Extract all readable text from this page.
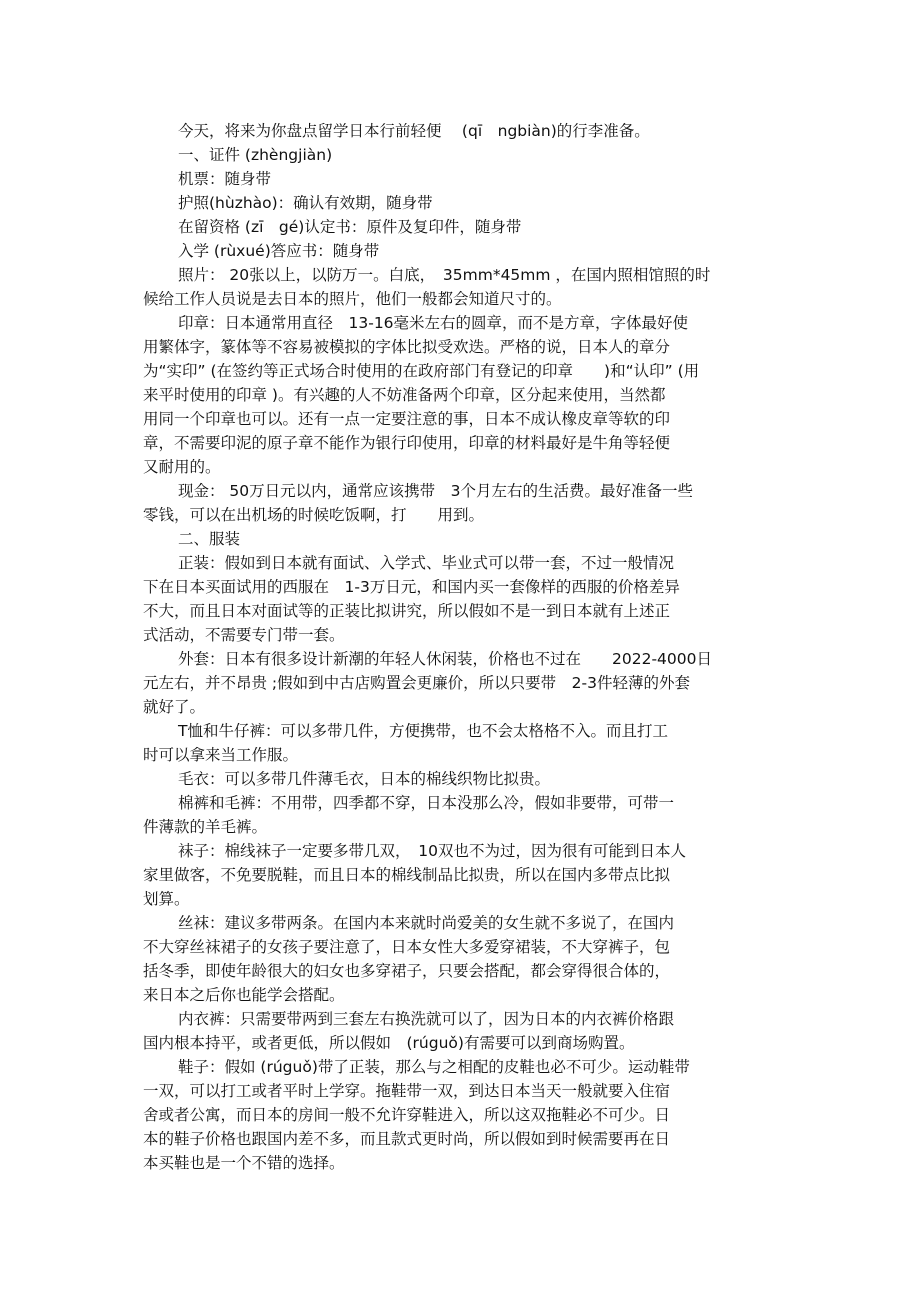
今天，将来为你盘点留学日本行前轻便 　(qī　ngbiàn)的行李准备。
一、证件 (zhèngjiàn)
机票：随身带
护照(hùzhào)：确认有效期，随身带
在留资格 (zī　gé)认定书：原件及复印件，随身带
入学 (rùxué)答应书：随身带
照片： 20张以上，以防万一。白底，　35mm*45mm ，在国内照相馆照的时
候给工作人员说是去日本的照片，他们一般都会知道尺寸的。
印章：日本通常用直径　13-16毫米左右的圆章，而不是方章，字体最好使
用繁体字，篆体等不容易被模拟的字体比拟受欢迭。严格的说，日本人的章分
为“实印” (在签约等正式场合时使用的在政府部门有登记的印章　　)和“认印” (用
来平时使用的印章 )。有兴趣的人不妨准备两个印章，区分起来使用，当然都
用同一个印章也可以。还有一点一定要注意的事，日本不成认橡皮章等软的印
章，不需要印泥的原子章不能作为银行印使用，印章的材料最好是牛角等轻便
又耐用的。
现金： 50万日元以内，通常应该携带　3个月左右的生活费。最好准备一些
零钱，可以在出机场的时候吃饭啊，打　　用到。
二、服装
正装：假如到日本就有面试、入学式、毕业式可以带一套，不过一般情况
下在日本买面试用的西服在　1-3万日元，和国内买一套像样的西服的价格差异
不大，而且日本对面试等的正装比拟讲究，所以假如不是一到日本就有上述正
式活动，不需要专门带一套。
外套：日本有很多设计新潮的年轻人休闲装，价格也不过在　　2022-4000日
元左右，并不昂贵 ;假如到中古店购置会更廉价，所以只要带　2-3件轻薄的外套
就好了。
T恤和牛仔裤：可以多带几件，方便携带，也不会太格格不入。而且打工
时可以拿来当工作服。
毛衣：可以多带几件薄毛衣，日本的棉线织物比拟贵。
棉裤和毛裤：不用带，四季都不穿，日本没那么冷，假如非要带，可带一
件薄款的羊毛裤。
袜子：棉线袜子一定要多带几双，　10双也不为过，因为很有可能到日本人
家里做客，不免要脱鞋，而且日本的棉线制品比拟贵，所以在国内多带点比拟
划算。
丝袜：建议多带两条。在国内本来就时尚爱美的女生就不多说了，在国内
不大穿丝袜裙子的女孩子要注意了，日本女性大多爱穿裙装，不大穿裤子，包
括冬季，即使年龄很大的妇女也多穿裙子，只要会搭配，都会穿得很合体的，
来日本之后你也能学会搭配。
内衣裤：只需要带两到三套左右换洗就可以了，因为日本的内衣裤价格跟
国内根本持平，或者更低，所以假如　(rúguǒ)有需要可以到商场购置。
鞋子：假如 (rúguǒ)带了正装，那么与之相配的皮鞋也必不可少。运动鞋带
一双，可以打工或者平时上学穿。拖鞋带一双，到达日本当天一般就要入住宿
舍或者公寓，而日本的房间一般不允许穿鞋进入，所以这双拖鞋必不可少。日
本的鞋子价格也跟国内差不多，而且款式更时尚，所以假如到时候需要再在日
本买鞋也是一个不错的选择。
